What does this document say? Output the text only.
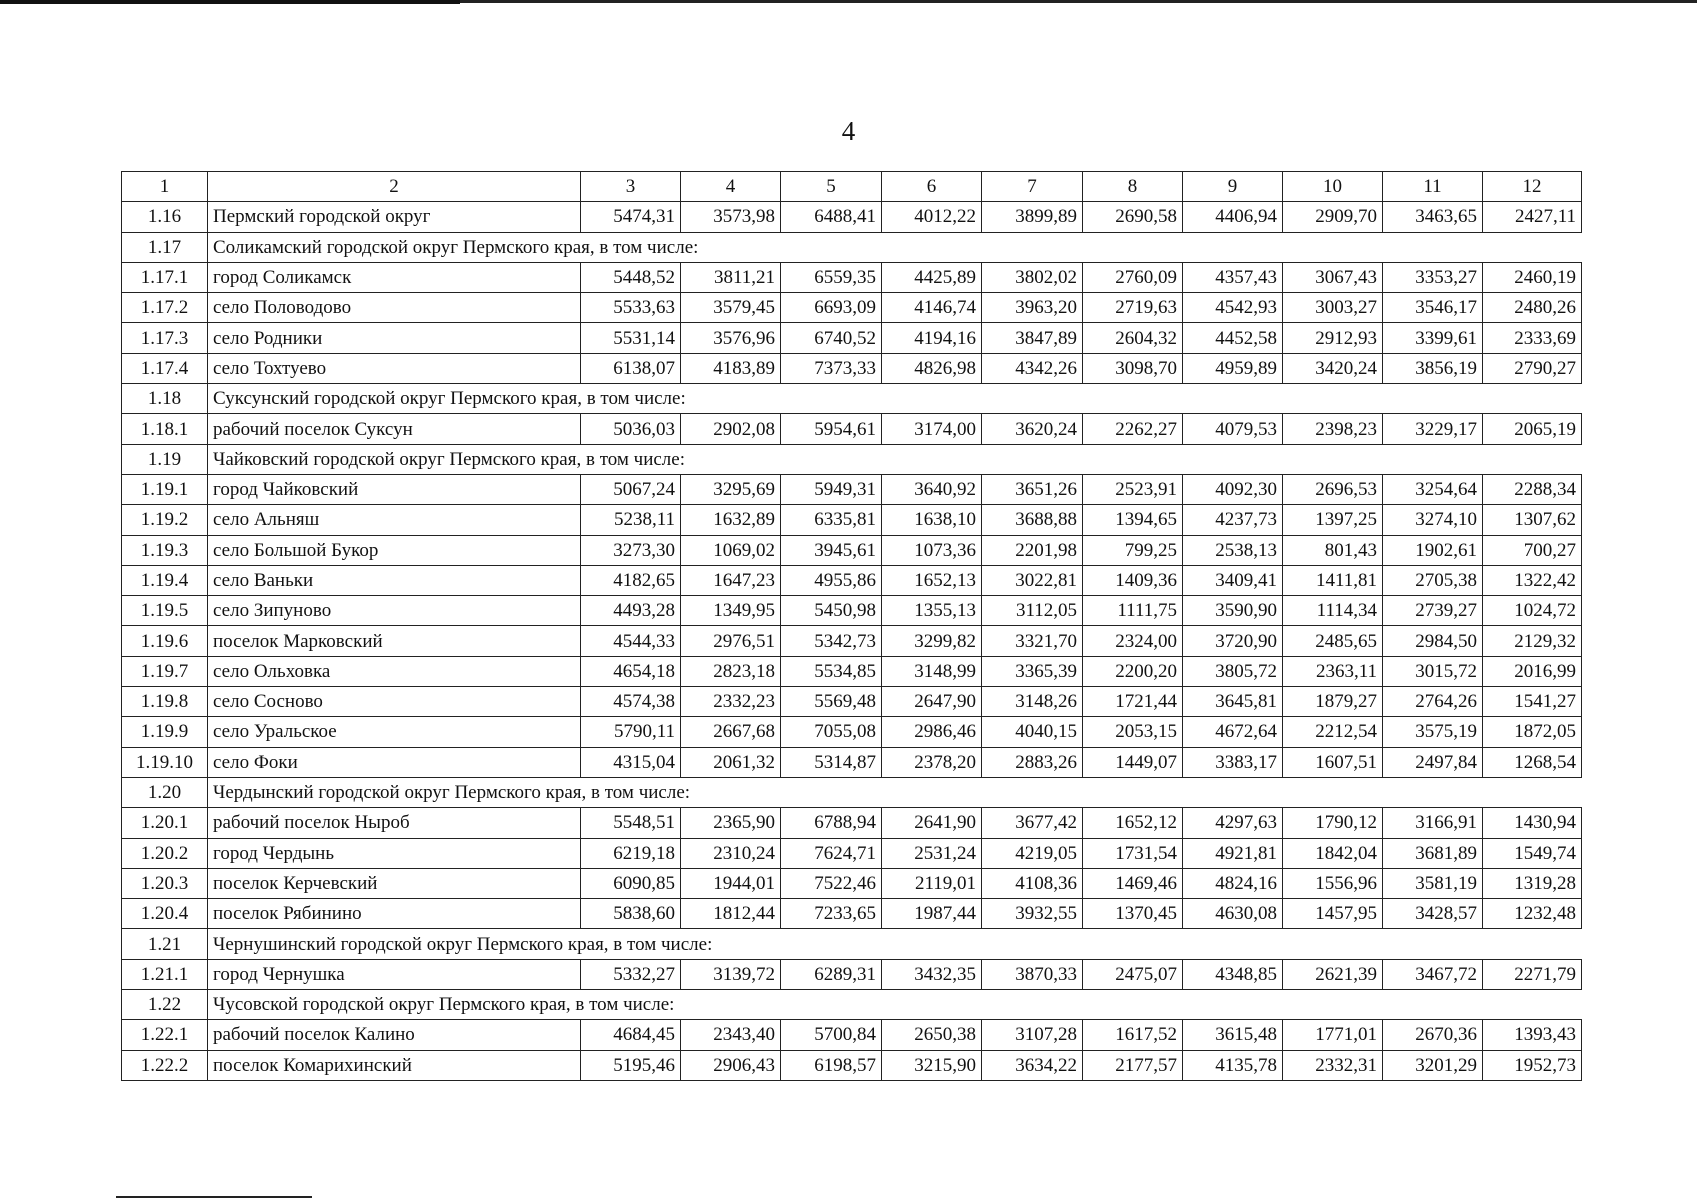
4
1	2	3	4	5	6	7	8	9	10	11	12
1.16	Пермский городской округ	5474,31	3573,98	6488,41	4012,22	3899,89	2690,58	4406,94	2909,70	3463,65	2427,11
1.17	Соликамский городской округ Пермского края, в том числе:										
1.17.1	город Соликамск	5448,52	3811,21	6559,35	4425,89	3802,02	2760,09	4357,43	3067,43	3353,27	2460,19
1.17.2	село Половодово	5533,63	3579,45	6693,09	4146,74	3963,20	2719,63	4542,93	3003,27	3546,17	2480,26
1.17.3	село Родники	5531,14	3576,96	6740,52	4194,16	3847,89	2604,32	4452,58	2912,93	3399,61	2333,69
1.17.4	село Тохтуево	6138,07	4183,89	7373,33	4826,98	4342,26	3098,70	4959,89	3420,24	3856,19	2790,27
1.18	Суксунский городской округ Пермского края, в том числе:										
1.18.1	рабочий поселок Суксун	5036,03	2902,08	5954,61	3174,00	3620,24	2262,27	4079,53	2398,23	3229,17	2065,19
1.19	Чайковский городской округ Пермского края, в том числе:										
1.19.1	город Чайковский	5067,24	3295,69	5949,31	3640,92	3651,26	2523,91	4092,30	2696,53	3254,64	2288,34
1.19.2	село Альняш	5238,11	1632,89	6335,81	1638,10	3688,88	1394,65	4237,73	1397,25	3274,10	1307,62
1.19.3	село Большой Букор	3273,30	1069,02	3945,61	1073,36	2201,98	799,25	2538,13	801,43	1902,61	700,27
1.19.4	село Ваньки	4182,65	1647,23	4955,86	1652,13	3022,81	1409,36	3409,41	1411,81	2705,38	1322,42
1.19.5	село Зипуново	4493,28	1349,95	5450,98	1355,13	3112,05	1111,75	3590,90	1114,34	2739,27	1024,72
1.19.6	поселок Марковский	4544,33	2976,51	5342,73	3299,82	3321,70	2324,00	3720,90	2485,65	2984,50	2129,32
1.19.7	село Ольховка	4654,18	2823,18	5534,85	3148,99	3365,39	2200,20	3805,72	2363,11	3015,72	2016,99
1.19.8	село Сосново	4574,38	2332,23	5569,48	2647,90	3148,26	1721,44	3645,81	1879,27	2764,26	1541,27
1.19.9	село Уральское	5790,11	2667,68	7055,08	2986,46	4040,15	2053,15	4672,64	2212,54	3575,19	1872,05
1.19.10	село Фоки	4315,04	2061,32	5314,87	2378,20	2883,26	1449,07	3383,17	1607,51	2497,84	1268,54
1.20	Чердынский городской округ Пермского края, в том числе:										
1.20.1	рабочий поселок Ныроб	5548,51	2365,90	6788,94	2641,90	3677,42	1652,12	4297,63	1790,12	3166,91	1430,94
1.20.2	город Чердынь	6219,18	2310,24	7624,71	2531,24	4219,05	1731,54	4921,81	1842,04	3681,89	1549,74
1.20.3	поселок Керчевский	6090,85	1944,01	7522,46	2119,01	4108,36	1469,46	4824,16	1556,96	3581,19	1319,28
1.20.4	поселок Рябинино	5838,60	1812,44	7233,65	1987,44	3932,55	1370,45	4630,08	1457,95	3428,57	1232,48
1.21	Чернушинский городской округ Пермского края, в том числе:										
1.21.1	город Чернушка	5332,27	3139,72	6289,31	3432,35	3870,33	2475,07	4348,85	2621,39	3467,72	2271,79
1.22	Чусовской городской округ Пермского края, в том числе:										
1.22.1	рабочий поселок Калино	4684,45	2343,40	5700,84	2650,38	3107,28	1617,52	3615,48	1771,01	2670,36	1393,43
1.22.2	поселок Комарихинский	5195,46	2906,43	6198,57	3215,90	3634,22	2177,57	4135,78	2332,31	3201,29	1952,73
